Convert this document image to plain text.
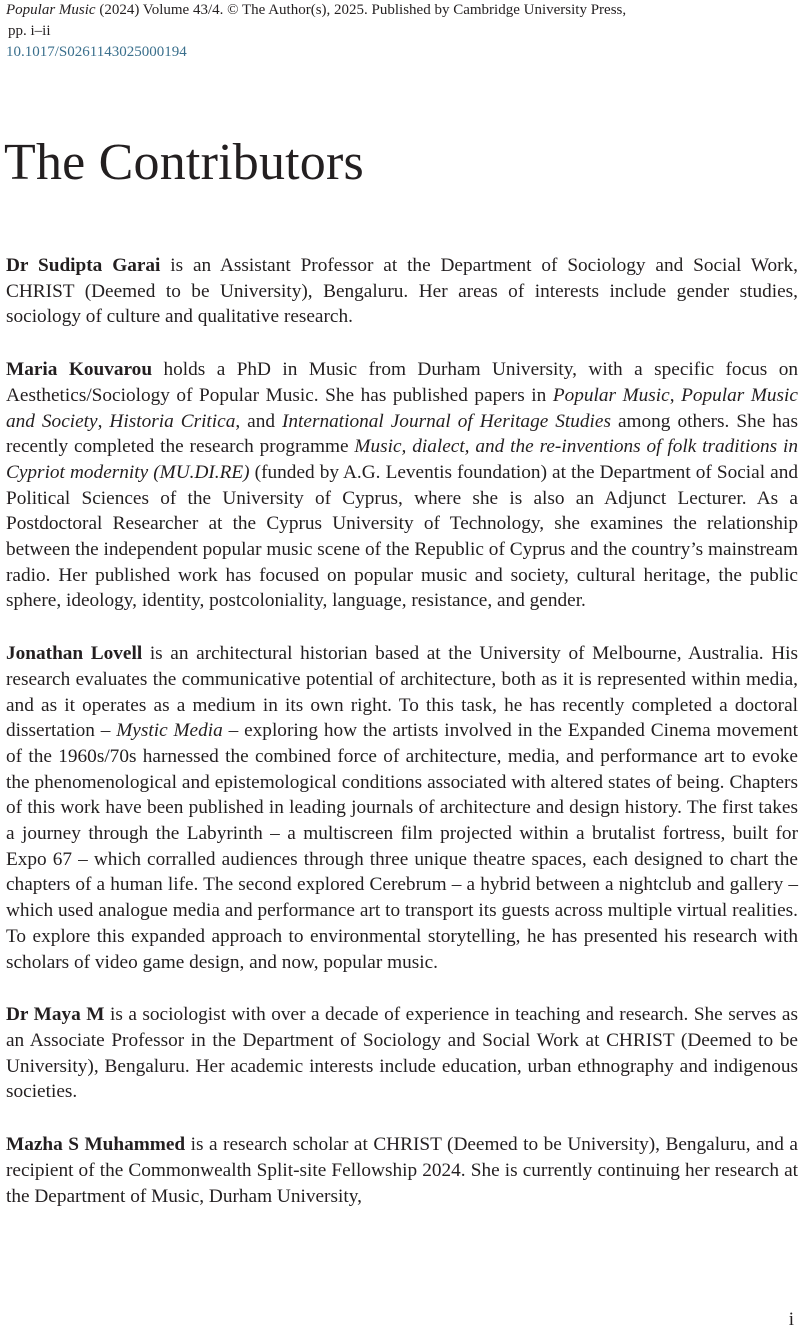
Popular Music (2024) Volume 43/4. © The Author(s), 2025. Published by Cambridge University Press,
pp. i–ii
10.1017/S0261143025000194
The Contributors

Dr Sudipta Garai is an Assistant Professor at the Department of Sociology and Social Work, CHRIST (Deemed to be University), Bengaluru. Her areas of interests include gender studies, sociology of culture and qualitative research.

Maria Kouvarou holds a PhD in Music from Durham University, with a specific focus on Aesthetics/Sociology of Popular Music. She has published papers in Popular Music, Popular Music and Society, Historia Critica, and International Journal of Heritage Studies among others. She has recently completed the research programme Music, dialect, and the re-inventions of folk traditions in Cypriot modernity (MU.DI.RE) (funded by A.G. Leventis foundation) at the Department of Social and Political Sciences of the University of Cyprus, where she is also an Adjunct Lecturer. As a Postdoctoral Researcher at the Cyprus University of Technology, she examines the relationship between the independent popular music scene of the Republic of Cyprus and the country’s mainstream radio. Her published work has focused on popular music and society, cultural heritage, the public sphere, ideology, identity, postcoloniality, language, resistance, and gender.

Jonathan Lovell is an architectural historian based at the University of Melbourne, Australia. His research evaluates the communicative potential of architecture, both as it is represented within media, and as it operates as a medium in its own right. To this task, he has recently completed a doctoral dissertation – Mystic Media – exploring how the artists involved in the Expanded Cinema movement of the 1960s/70s harnessed the combined force of architecture, media, and performance art to evoke the phenomenological and epistemological conditions associated with altered states of being. Chapters of this work have been published in leading journals of architecture and design history. The first takes a journey through the Labyrinth – a multiscreen film projected within a brutalist fortress, built for Expo 67 – which corralled audiences through three unique theatre spaces, each designed to chart the chapters of a human life. The second explored Cerebrum – a hybrid between a nightclub and gallery – which used analogue media and performance art to transport its guests across multiple virtual realities. To explore this expanded approach to environmental storytelling, he has presented his research with scholars of video game design, and now, popular music.

Dr Maya M is a sociologist with over a decade of experience in teaching and research. She serves as an Associate Professor in the Department of Sociology and Social Work at CHRIST (Deemed to be University), Bengaluru. Her academic interests include education, urban ethnography and indigenous societies.

Mazha S Muhammed is a research scholar at CHRIST (Deemed to be University), Bengaluru, and a recipient of the Commonwealth Split-site Fellowship 2024. She is currently continuing her research at the Department of Music, Durham University,

i
